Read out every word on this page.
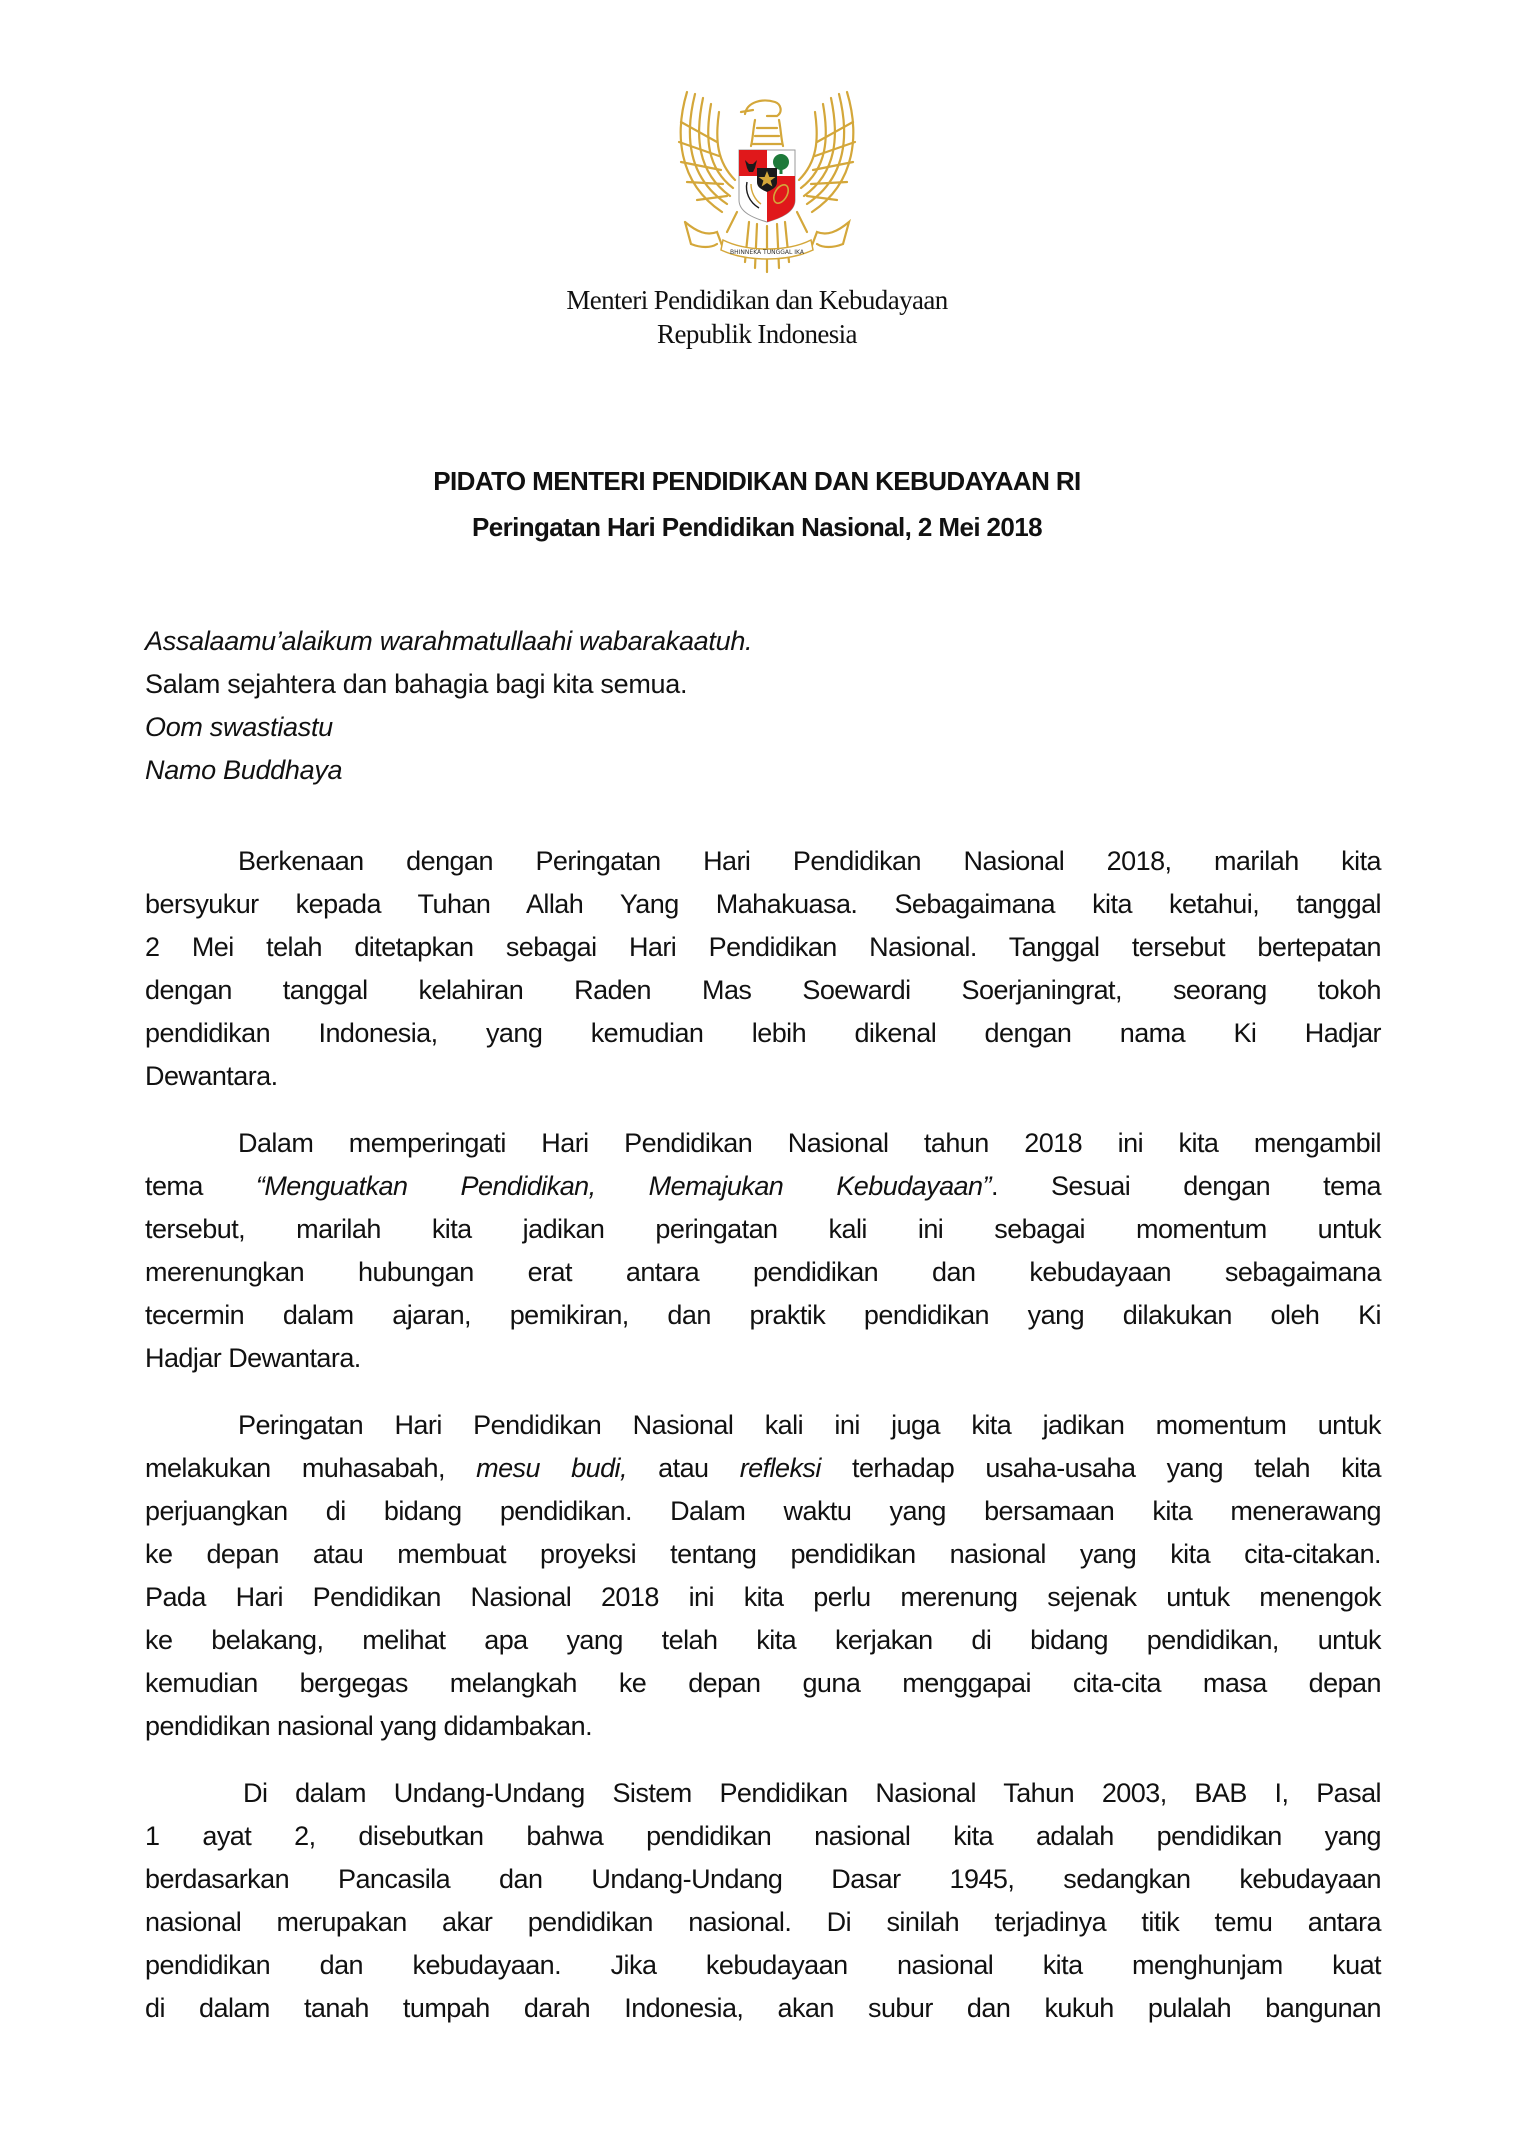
BHINNEKA TUNGGAL IKA
Menteri Pendidikan dan Kebudayaan
Republik Indonesia
PIDATO MENTERI PENDIDIKAN DAN KEBUDAYAAN RI
Peringatan Hari Pendidikan Nasional, 2 Mei 2018
Assalaamu’alaikum warahmatullaahi wabarakaatuh.
Salam sejahtera dan bahagia bagi kita semua.
Oom swastiastu
Namo Buddhaya
Berkenaan dengan Peringatan Hari Pendidikan Nasional 2018, marilah kita
bersyukur kepada Tuhan Allah Yang Mahakuasa. Sebagaimana kita ketahui, tanggal
2 Mei telah ditetapkan sebagai Hari Pendidikan Nasional. Tanggal tersebut bertepatan
dengan tanggal kelahiran Raden Mas Soewardi Soerjaningrat, seorang tokoh
pendidikan Indonesia, yang kemudian lebih dikenal dengan nama Ki Hadjar
Dewantara.
Dalam memperingati Hari Pendidikan Nasional tahun 2018 ini kita mengambil
tema “Menguatkan Pendidikan, Memajukan Kebudayaan”. Sesuai dengan tema
tersebut, marilah kita jadikan peringatan kali ini sebagai momentum untuk
merenungkan hubungan erat antara pendidikan dan kebudayaan sebagaimana
tecermin dalam ajaran, pemikiran, dan praktik pendidikan yang dilakukan oleh Ki
Hadjar Dewantara.
Peringatan Hari Pendidikan Nasional kali ini juga kita jadikan momentum untuk
melakukan muhasabah, mesu budi, atau refleksi terhadap usaha-usaha yang telah kita
perjuangkan di bidang pendidikan. Dalam waktu yang bersamaan kita menerawang
ke depan atau membuat proyeksi tentang pendidikan nasional yang kita cita-citakan.
Pada Hari Pendidikan Nasional 2018 ini kita perlu merenung sejenak untuk menengok
ke belakang, melihat apa yang telah kita kerjakan di bidang pendidikan, untuk
kemudian bergegas melangkah ke depan guna menggapai cita-cita masa depan
pendidikan nasional yang didambakan.
Di dalam Undang-Undang Sistem Pendidikan Nasional Tahun 2003, BAB I, Pasal
1 ayat 2, disebutkan bahwa pendidikan nasional kita adalah pendidikan yang
berdasarkan Pancasila dan Undang-Undang Dasar 1945, sedangkan kebudayaan
nasional merupakan akar pendidikan nasional. Di sinilah terjadinya titik temu antara
pendidikan dan kebudayaan. Jika kebudayaan nasional kita menghunjam kuat
di dalam tanah tumpah darah Indonesia, akan subur dan kukuh pulalah bangunan
